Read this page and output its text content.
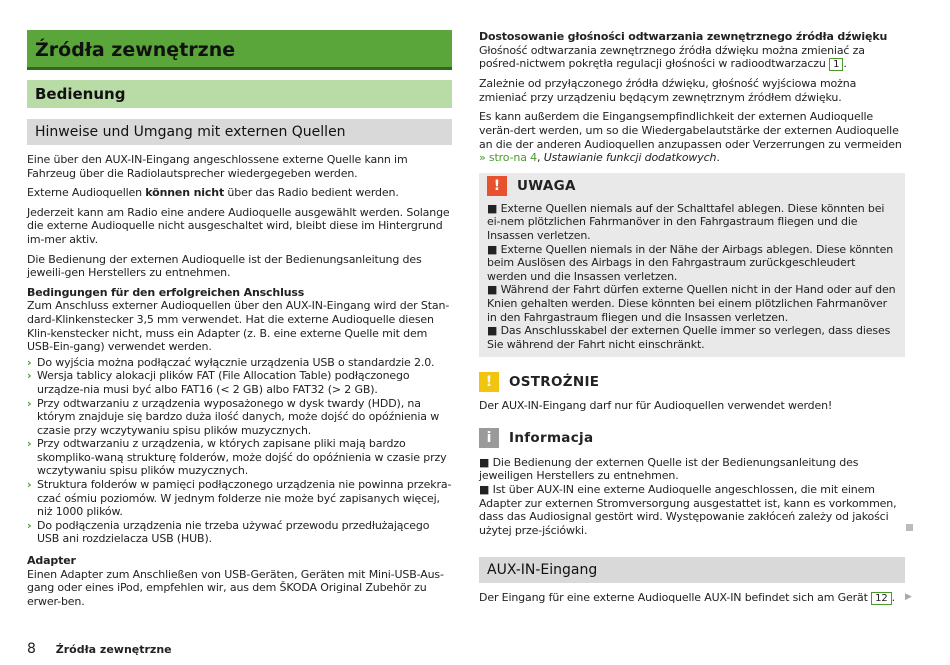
Źródła zewnętrzne
Bedienung
Hinweise und Umgang mit externen Quellen

Eine über den AUX-IN-Eingang angeschlossene externe Quelle kann im Fahrzeug über die Radiolautsprecher wiedergegeben werden.

Externe Audioquellen können nicht über das Radio bedient werden.

Jederzeit kann am Radio eine andere Audioquelle ausgewählt werden. Solange die externe Audioquelle nicht ausgeschaltet wird, bleibt diese im Hintergrund im-mer aktiv.

Die Bedienung der externen Audioquelle ist der Bedienungsanleitung des jeweili-gen Herstellers zu entnehmen.

Bedingungen für den erfolgreichen Anschluss

Zum Anschluss externer Audioquellen über den AUX-IN-Eingang wird der Stan-dard-Klinkenstecker 3,5 mm verwendet. Hat die externe Audioquelle diesen Klin-kenstecker nicht, muss ein Adapter (z. B. eine externe Quelle mit dem USB-Ein-gang) verwendet werden.

› Do wyjścia można podłączać wyłącznie urządzenia USB o standardzie 2.0.
› Wersja tablicy alokacji plików FAT (File Allocation Table) podłączonego urządze-nia musi być albo FAT16 (< 2 GB) albo FAT32 (> 2 GB).
› Przy odtwarzaniu z urządzenia wyposażonego w dysk twardy (HDD), na którym znajduje się bardzo duża ilość danych, może dojść do opóźnienia w czasie przy wczytywaniu spisu plików muzycznych.
› Przy odtwarzaniu z urządzenia, w których zapisane pliki mają bardzo skompliko-waną strukturę folderów, może dojść do opóźnienia w czasie przy wczytywaniu spisu plików muzycznych.
› Struktura folderów w pamięci podłączonego urządzenia nie powinna przekra-czać ośmiu poziomów. W jednym folderze nie może być zapisanych więcej, niż 1000 plików.
› Do podłączenia urządzenia nie trzeba używać przewodu przedłużającego USB ani rozdzielacza USB (HUB).

Adapter

Einen Adapter zum Anschließen von USB-Geräten, Geräten mit Mini-USB-Aus-gang oder eines iPod, empfehlen wir, aus dem ŠKODA Original Zubehör zu erwer-ben.

Dostosowanie głośności odtwarzania zewnętrznego źródła dźwięku

Głośność odtwarzania zewnętrznego źródła dźwięku można zmieniać za pośred-nictwem pokrętła regulacji głośności w radioodtwarzaczu 1 .

Zależnie od przyłączonego źródła dźwięku, głośność wyjściowa można zmieniać przy urządzeniu będącym zewnętrznym źródłem dźwięku.

Es kann außerdem die Eingangsempfindlichkeit der externen Audioquelle verän-dert werden, um so die Wiedergabelautstärke der externen Audioquelle an die der anderen Audioquellen anzupassen oder Verzerrungen zu vermeiden » stro-na 4, Ustawianie funkcji dodatkowych.

!	UWAGA

■ Externe Quellen niemals auf der Schalttafel ablegen. Diese könnten bei ei-nem plötzlichen Fahrmanöver in den Fahrgastraum fliegen und die Insassen verletzen.

■ Externe Quellen niemals in der Nähe der Airbags ablegen. Diese könnten beim Auslösen des Airbags in den Fahrgastraum zurückgeschleudert werden und die Insassen verletzen.

■ Während der Fahrt dürfen externe Quellen nicht in der Hand oder auf den Knien gehalten werden. Diese könnten bei einem plötzlichen Fahrmanöver in den Fahrgastraum fliegen und die Insassen verletzen.

■ Das Anschlusskabel der externen Quelle immer so verlegen, dass dieses Sie während der Fahrt nicht einschränkt.

!	OSTROŻNIE

Der AUX-IN-Eingang darf nur für Audioquellen verwendet werden!

i	Informacja

■ Die Bedienung der externen Quelle ist der Bedienungsanleitung des jeweiligen Herstellers zu entnehmen.

■ Ist über AUX-IN eine externe Audioquelle angeschlossen, die mit einem Adapter zur externen Stromversorgung ausgestattet ist, kann es vorkommen, dass das Audiosignal gestört wird. Występowanie zakłóceń zależy od jakości użytej prze-jściówki.

AUX-IN-Eingang

Der Eingang für eine externe Audioquelle AUX-IN befindet sich am Gerät 12 .	▶
8 Źródła zewnętrzne
